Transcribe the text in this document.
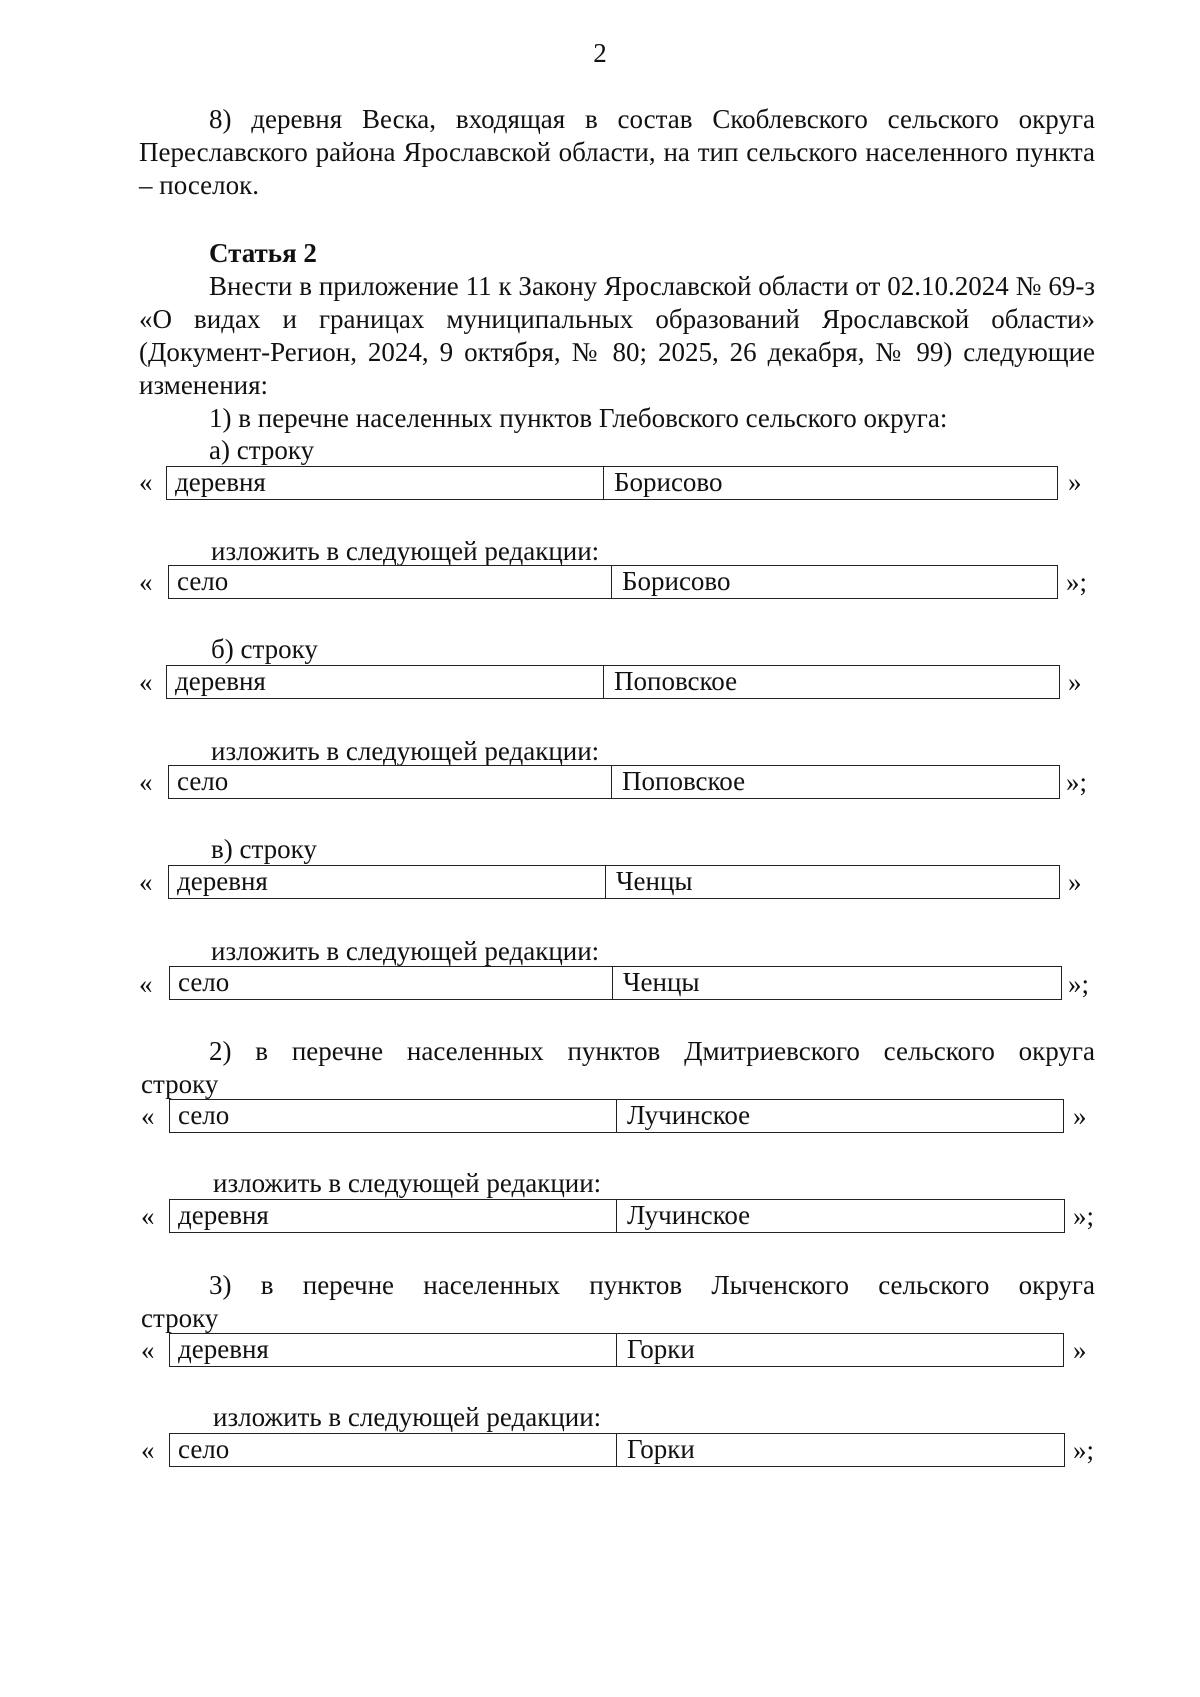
2
8) деревня Веска, входящая в состав Скоблевского сельского округа Переславского района Ярославской области, на тип сельского населенного пункта – поселок.
Статья 2
Внести в приложение 11 к Закону Ярославской области от 02.10.2024 № 69-з «О видах и границах муниципальных образований Ярославской области» (Документ-Регион, 2024, 9 октября, № 80; 2025, 26 декабря, № 99) следующие изменения:
1) в перечне населенных пунктов Глебовского сельского округа:
а) строку
« деревня	Борисово	»
изложить в следующей редакции:
« село	Борисово	»;
б) строку
« деревня	Поповское	»
изложить в следующей редакции:
« село	Поповское	»;
в) строку
« деревня	Ченцы	»
изложить в следующей редакции:
« село	Ченцы	»;
2) в перечне населенных пунктов Дмитриевского сельского округа
строку
« село	Лучинское	»
изложить в следующей редакции:
« деревня	Лучинское	»;
3) в перечне населенных пунктов Лыченского сельского округа
строку
« деревня	Горки	»
изложить в следующей редакции:
« село	Горки	»;
